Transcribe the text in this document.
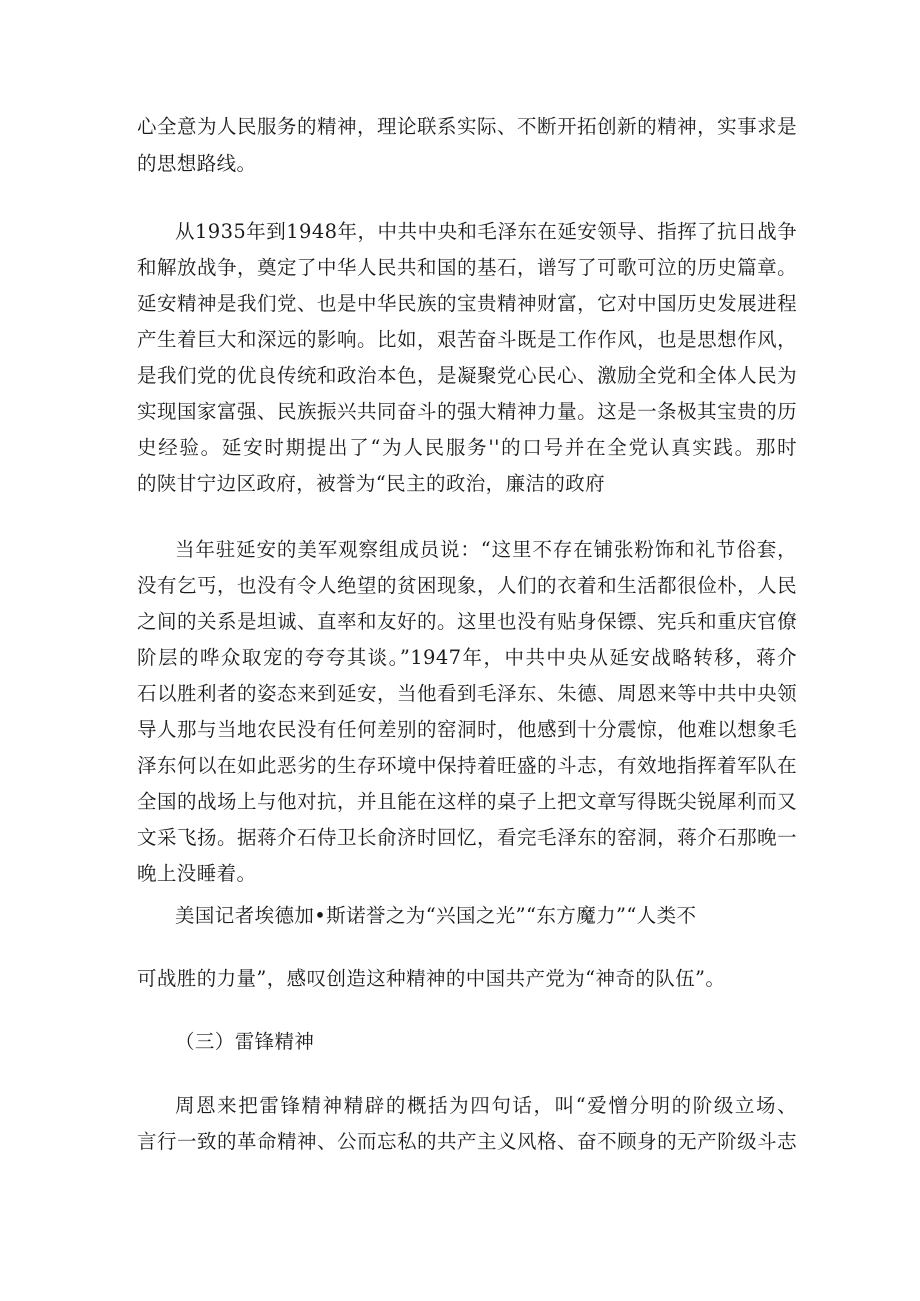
心全意为人民服务的精神，理论联系实际、不断开拓创新的精神，实事求是
的思想路线。
从1935年到1948年，中共中央和毛泽东在延安领导、指挥了抗日战争
和解放战争，奠定了中华人民共和国的基石，谱写了可歌可泣的历史篇章。
延安精神是我们党、也是中华民族的宝贵精神财富，它对中国历史发展进程
产生着巨大和深远的影响。比如，艰苦奋斗既是工作作风，也是思想作风，
是我们党的优良传统和政治本色，是凝聚党心民心、激励全党和全体人民为
实现国家富强、民族振兴共同奋斗的强大精神力量。这是一条极其宝贵的历
史经验。延安时期提出了“为人民服务''的口号并在全党认真实践。那时
的陕甘宁边区政府，被誉为“民主的政治，廉洁的政府
当年驻延安的美军观察组成员说：“这里不存在铺张粉饰和礼节俗套，
没有乞丐，也没有令人绝望的贫困现象，人们的衣着和生活都很俭朴，人民
之间的关系是坦诚、直率和友好的。这里也没有贴身保镖、宪兵和重庆官僚
阶层的哗众取宠的夸夸其谈。”1947年，中共中央从延安战略转移，蒋介
石以胜利者的姿态来到延安，当他看到毛泽东、朱德、周恩来等中共中央领
导人那与当地农民没有任何差别的窑洞时，他感到十分震惊，他难以想象毛
泽东何以在如此恶劣的生存环境中保持着旺盛的斗志，有效地指挥着军队在
全国的战场上与他对抗，并且能在这样的桌子上把文章写得既尖锐犀利而又
文采飞扬。据蒋介石侍卫长俞济时回忆，看完毛泽东的窑洞，蒋介石那晚一
晚上没睡着。
美国记者埃德加•斯诺誉之为“兴国之光”“东方魔力”“人类不
可战胜的力量”，感叹创造这种精神的中国共产党为“神奇的队伍”。
（三）雷锋精神
周恩来把雷锋精神精辟的概括为四句话，叫“爱憎分明的阶级立场、
言行一致的革命精神、公而忘私的共产主义风格、奋不顾身的无产阶级斗志
